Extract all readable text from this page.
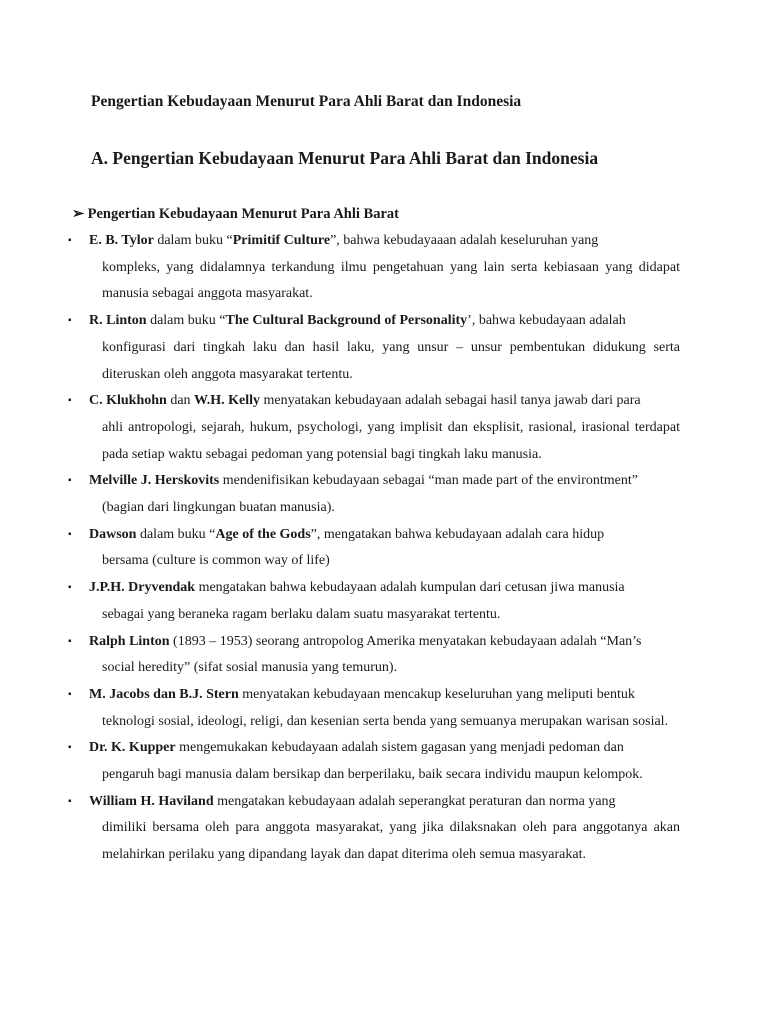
Pengertian Kebudayaan Menurut Para Ahli Barat dan Indonesia
A. Pengertian Kebudayaan Menurut Para Ahli Barat dan Indonesia
➢ Pengertian Kebudayaan Menurut Para Ahli Barat
▪	E. B. Tylor dalam buku “Primitif Culture”, bahwa kebudayaaan adalah keseluruhan yang
kompleks, yang didalamnya terkandung ilmu pengetahuan yang lain serta kebiasaan yang didapat manusia sebagai anggota masyarakat.
▪	R. Linton dalam buku “The Cultural Background of Personality’, bahwa kebudayaan adalah
konfigurasi dari tingkah laku dan hasil laku, yang unsur – unsur pembentukan didukung serta diteruskan oleh anggota masyarakat tertentu.
▪	C. Klukhohn dan W.H. Kelly menyatakan kebudayaan adalah sebagai hasil tanya jawab dari para
ahli antropologi, sejarah, hukum, psychologi, yang implisit dan eksplisit, rasional, irasional terdapat pada setiap waktu sebagai pedoman yang potensial bagi tingkah laku manusia.
▪	Melville J. Herskovits mendenifisikan kebudayaan sebagai “man made part of the environtment”
(bagian dari lingkungan buatan manusia).
▪	Dawson dalam buku “Age of the Gods”, mengatakan bahwa kebudayaan adalah cara hidup
bersama (culture is common way of life)
▪	J.P.H. Dryvendak mengatakan bahwa kebudayaan adalah kumpulan dari cetusan jiwa manusia
sebagai yang beraneka ragam berlaku dalam suatu masyarakat tertentu.
▪	Ralph Linton (1893 – 1953) seorang antropolog Amerika menyatakan kebudayaan adalah “Man’s
social heredity” (sifat sosial manusia yang temurun).
▪	M. Jacobs dan B.J. Stern menyatakan kebudayaan mencakup keseluruhan yang meliputi bentuk
teknologi sosial, ideologi, religi, dan kesenian serta benda yang semuanya merupakan warisan sosial.
▪	Dr. K. Kupper mengemukakan kebudayaan adalah sistem gagasan yang menjadi pedoman dan
pengaruh bagi manusia dalam bersikap dan berperilaku, baik secara individu maupun kelompok.
▪	William H. Haviland mengatakan kebudayaan adalah seperangkat peraturan dan norma yang
dimiliki bersama oleh para anggota masyarakat, yang jika dilaksnakan oleh para anggotanya akan melahirkan perilaku yang dipandang layak dan dapat diterima oleh semua masyarakat.
